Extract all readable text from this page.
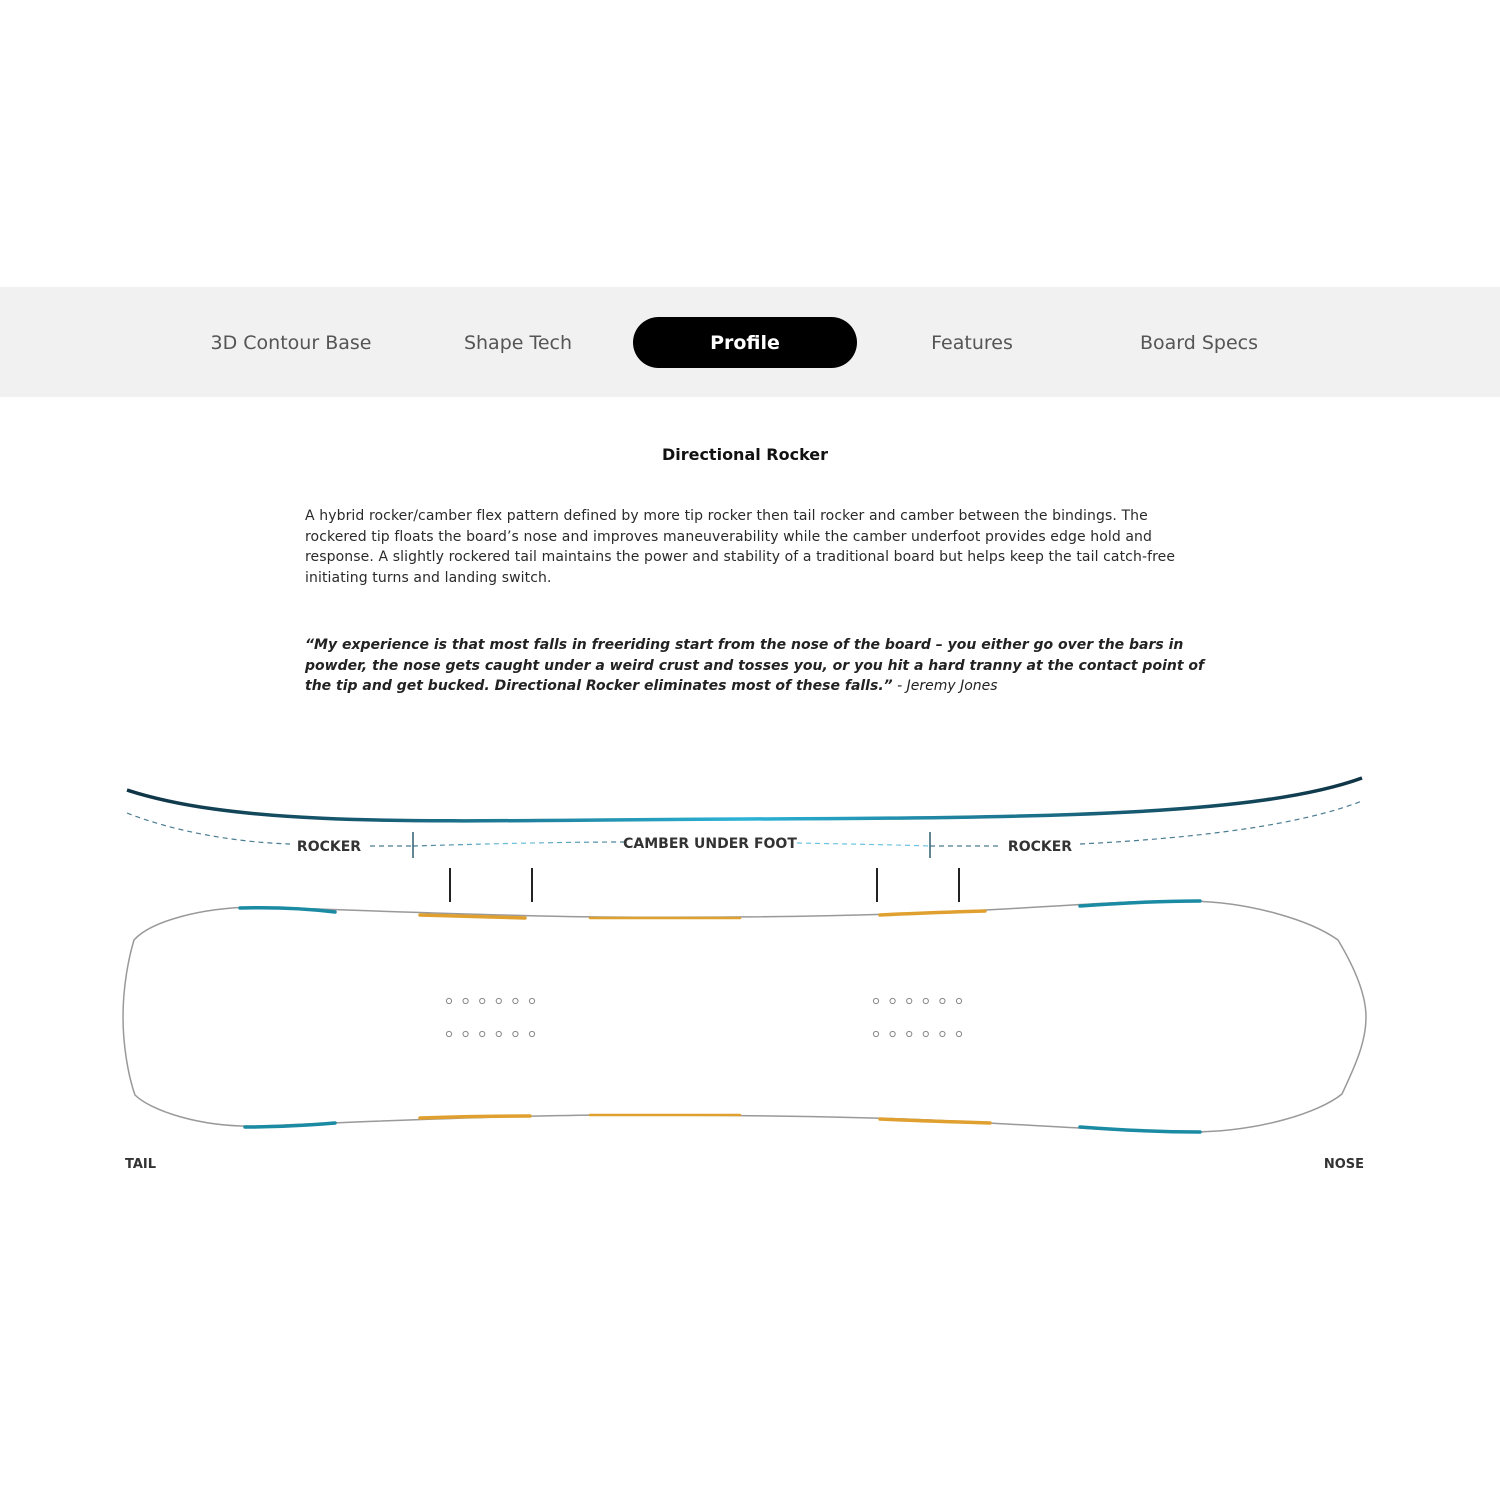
3D Contour Base	Shape Tech	Profile	Features	Board Specs
Directional Rocker
A hybrid rocker/camber flex pattern defined by more tip rocker then tail rocker and camber between the bindings. The rockered tip floats the board’s nose and improves maneuverability while the camber underfoot provides edge hold and response. A slightly rockered tail maintains the power and stability of a traditional board but helps keep the tail catch-free initiating turns and landing switch.
“My experience is that most falls in freeriding start from the nose of the board – you either go over the bars in powder, the nose gets caught under a weird crust and tosses you, or you hit a hard tranny at the contact point of the tip and get bucked. Directional Rocker eliminates most of these falls.” - Jeremy Jones
ROCKER	CAMBER UNDER FOOT	ROCKER
TAIL	NOSE
